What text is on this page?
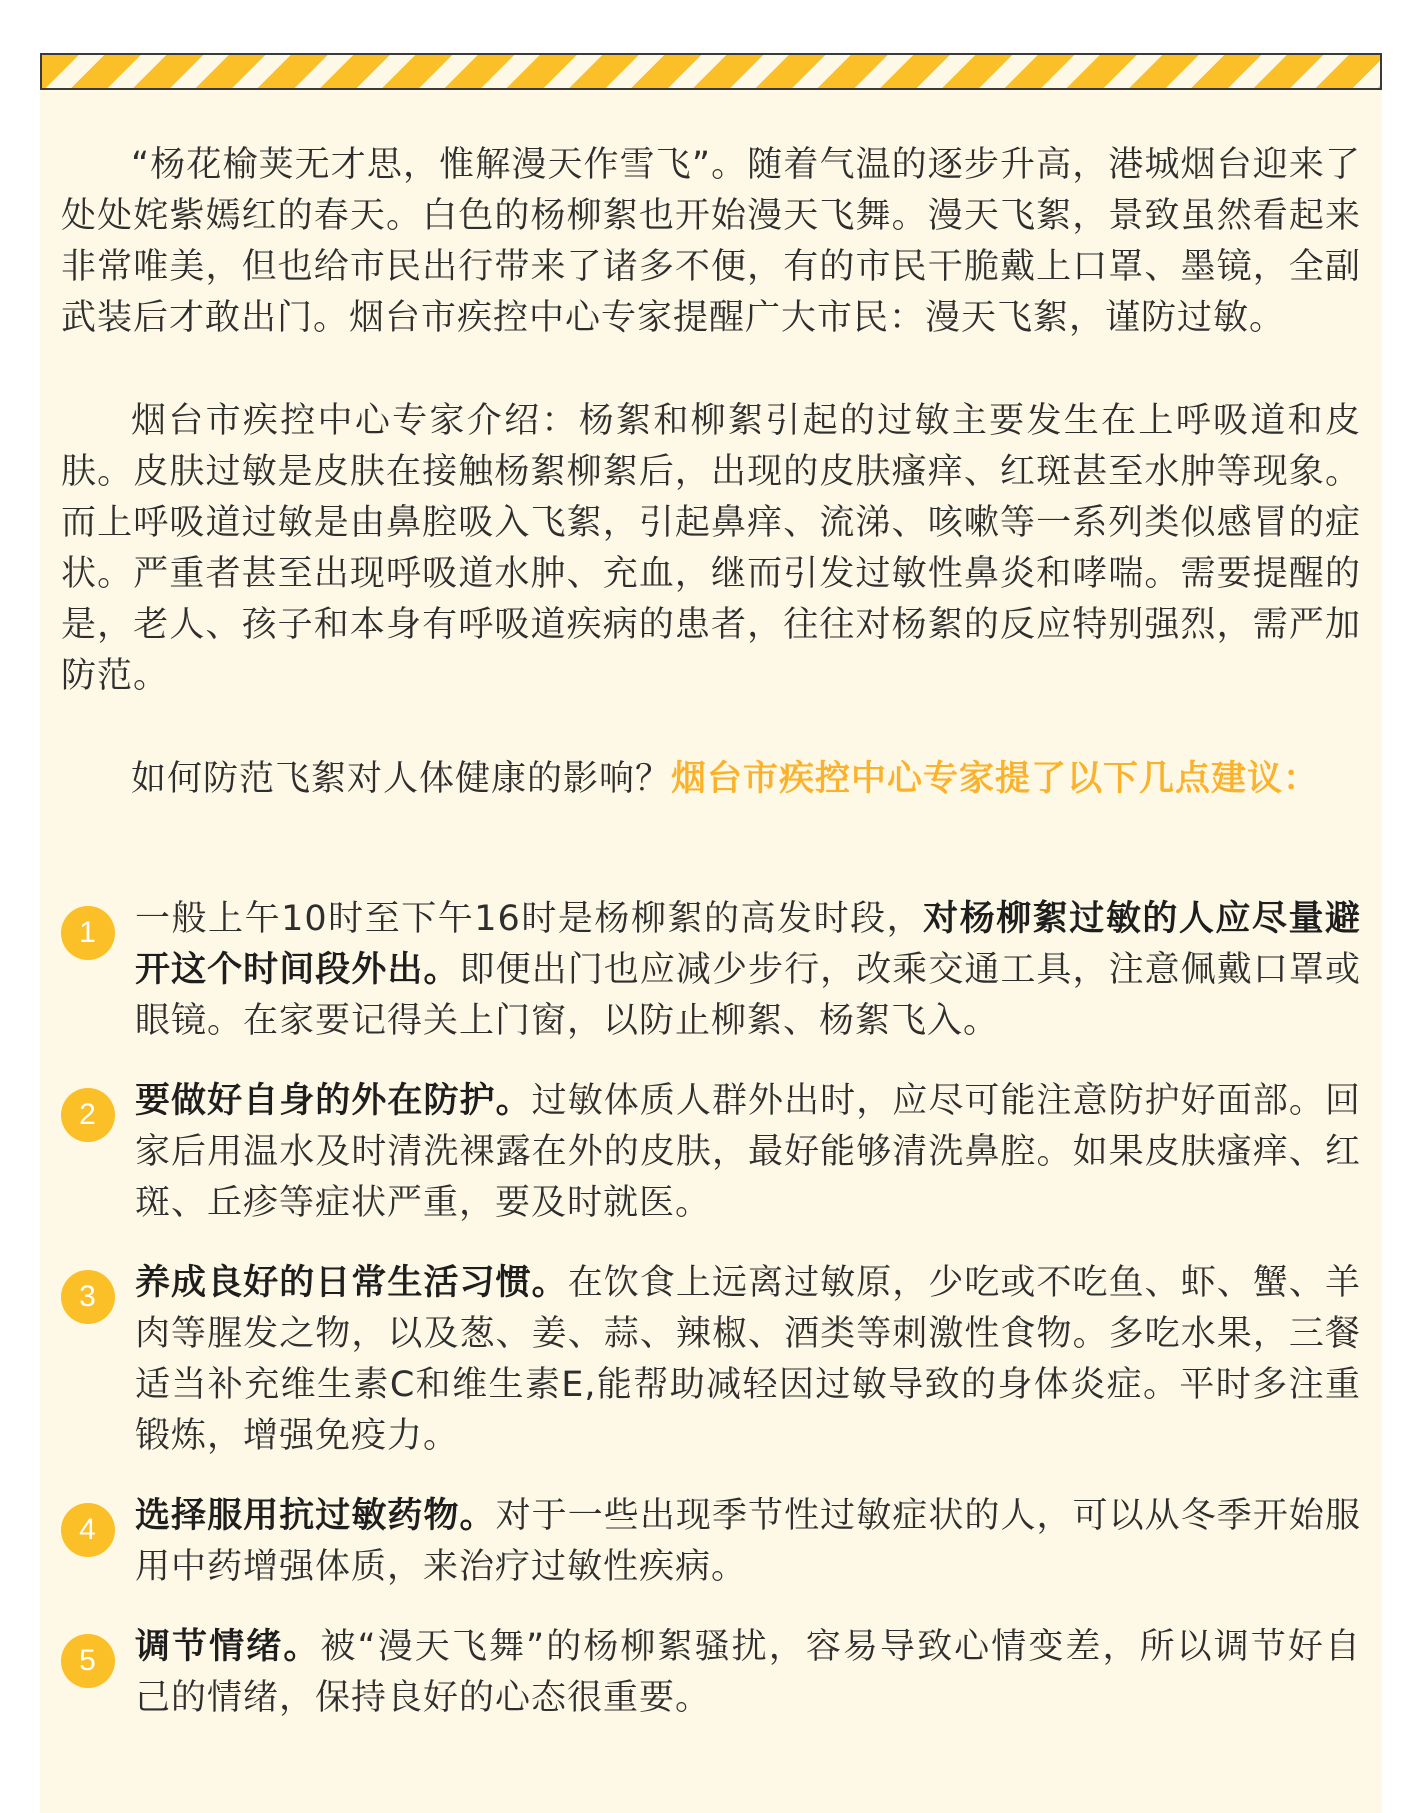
“杨花榆荚无才思，惟解漫天作雪飞”。随着气温的逐步升高，港城烟台迎来了处处姹紫嫣红的春天。白色的杨柳絮也开始漫天飞舞。漫天飞絮，景致虽然看起来非常唯美，但也给市民出行带来了诸多不便，有的市民干脆戴上口罩、墨镜，全副武装后才敢出门。烟台市疾控中心专家提醒广大市民：漫天飞絮，谨防过敏。

烟台市疾控中心专家介绍：杨絮和柳絮引起的过敏主要发生在上呼吸道和皮肤。皮肤过敏是皮肤在接触杨絮柳絮后，出现的皮肤瘙痒、红斑甚至水肿等现象。而上呼吸道过敏是由鼻腔吸入飞絮，引起鼻痒、流涕、咳嗽等一系列类似感冒的症状。严重者甚至出现呼吸道水肿、充血，继而引发过敏性鼻炎和哮喘。需要提醒的是，老人、孩子和本身有呼吸道疾病的患者，往往对杨絮的反应特别强烈，需严加防范。

如何防范飞絮对人体健康的影响？烟台市疾控中心专家提了以下几点建议：

1	一般上午10时至下午16时是杨柳絮的高发时段，对杨柳絮过敏的人应尽量避开这个时间段外出。即便出门也应减少步行，改乘交通工具，注意佩戴口罩或眼镜。在家要记得关上门窗，以防止柳絮、杨絮飞入。
2	要做好自身的外在防护。过敏体质人群外出时，应尽可能注意防护好面部。回家后用温水及时清洗裸露在外的皮肤，最好能够清洗鼻腔。如果皮肤瘙痒、红斑、丘疹等症状严重，要及时就医。
3	养成良好的日常生活习惯。在饮食上远离过敏原，少吃或不吃鱼、虾、蟹、羊肉等腥发之物，以及葱、姜、蒜、辣椒、酒类等刺激性食物。多吃水果，三餐适当补充维生素C和维生素E,能帮助减轻因过敏导致的身体炎症。平时多注重锻炼，增强免疫力。
4	选择服用抗过敏药物。对于一些出现季节性过敏症状的人，可以从冬季开始服用中药增强体质，来治疗过敏性疾病。
5	调节情绪。被“漫天飞舞”的杨柳絮骚扰，容易导致心情变差，所以调节好自己的情绪，保持良好的心态很重要。
